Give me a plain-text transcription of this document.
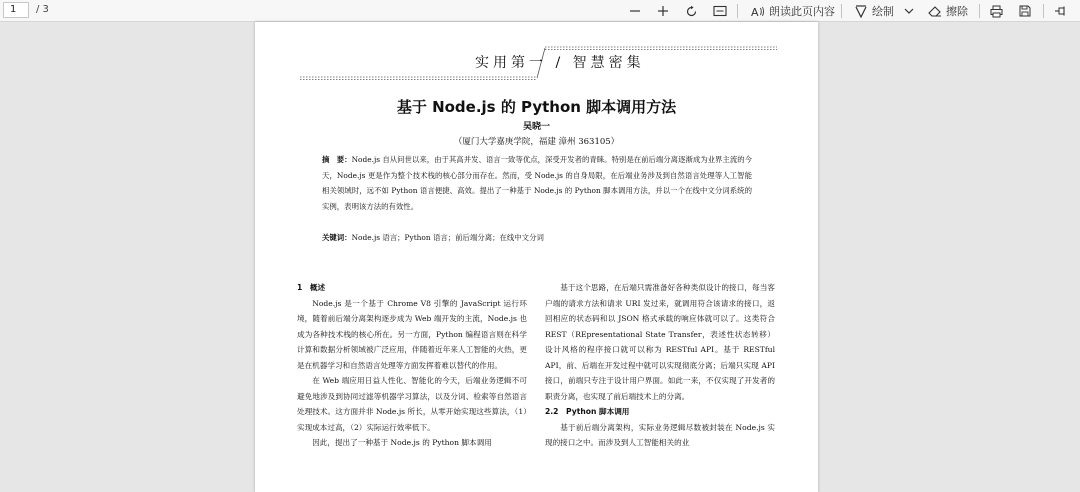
1	/ 3	A 朗读此页内容	绘制	擦除
实用第一 / 智慧密集
基于 Node.js 的 Python 脚本调用方法
吴晓一
（厦门大学嘉庚学院，福建 漳州 363105）
摘　要：Node.js 自从问世以来，由于其高并发、语言一致等优点，深受开发者的青睐。特别是在前后端分离逐渐成为业界主流的今天，Node.js 更是作为整个技术栈的核心部分而存在。然而，受 Node.js 的自身局限，在后端业务涉及到自然语言处理等人工智能相关领域时，远不如 Python 语言便捷、高效。提出了一种基于 Node.js 的 Python 脚本调用方法，并以一个在线中文分词系统的实例，表明该方法的有效性。
关键词：Node.js 语言；Python 语言；前后端分离；在线中文分词
1　概述
Node.js 是一个基于 Chrome V8 引擎的 JavaScript 运行环境，随着前后端分离架构逐步成为 Web 端开发的主流，Node.js 也成为各种技术栈的核心所在。另一方面，Python 编程语言则在科学计算和数据分析领域被广泛应用，伴随着近年来人工智能的火热，更是在机器学习和自然语言处理等方面发挥着难以替代的作用。
在 Web 端应用日益人性化、智能化的今天，后端业务逻辑不可避免地涉及到协同过滤等机器学习算法，以及分词、检索等自然语言处理技术。这方面并非 Node.js 所长，从零开始实现这些算法，（1）实现成本过高，（2）实际运行效率低下。
因此，提出了一种基于 Node.js 的 Python 脚本调用
基于这个思路，在后端只需准备好各种类似设计的接口，每当客户端的请求方法和请求 URI 发过来，就调用符合该请求的接口，返回相应的状态码和以 JSON 格式承载的响应体就可以了。这类符合 REST（REpresentational State Transfer，表述性状态转移）设计风格的程序接口就可以称为 RESTful API。基于 RESTful API，前、后端在开发过程中就可以实现彻底分离；后端只实现 API 接口，前端只专注于设计用户界面。如此一来，不仅实现了开发者的职责分离，也实现了前后端技术上的分离。
2.2　Python 脚本调用
基于前后端分离架构，实际业务逻辑尽数被封装在 Node.js 实现的接口之中。而涉及到人工智能相关的业
